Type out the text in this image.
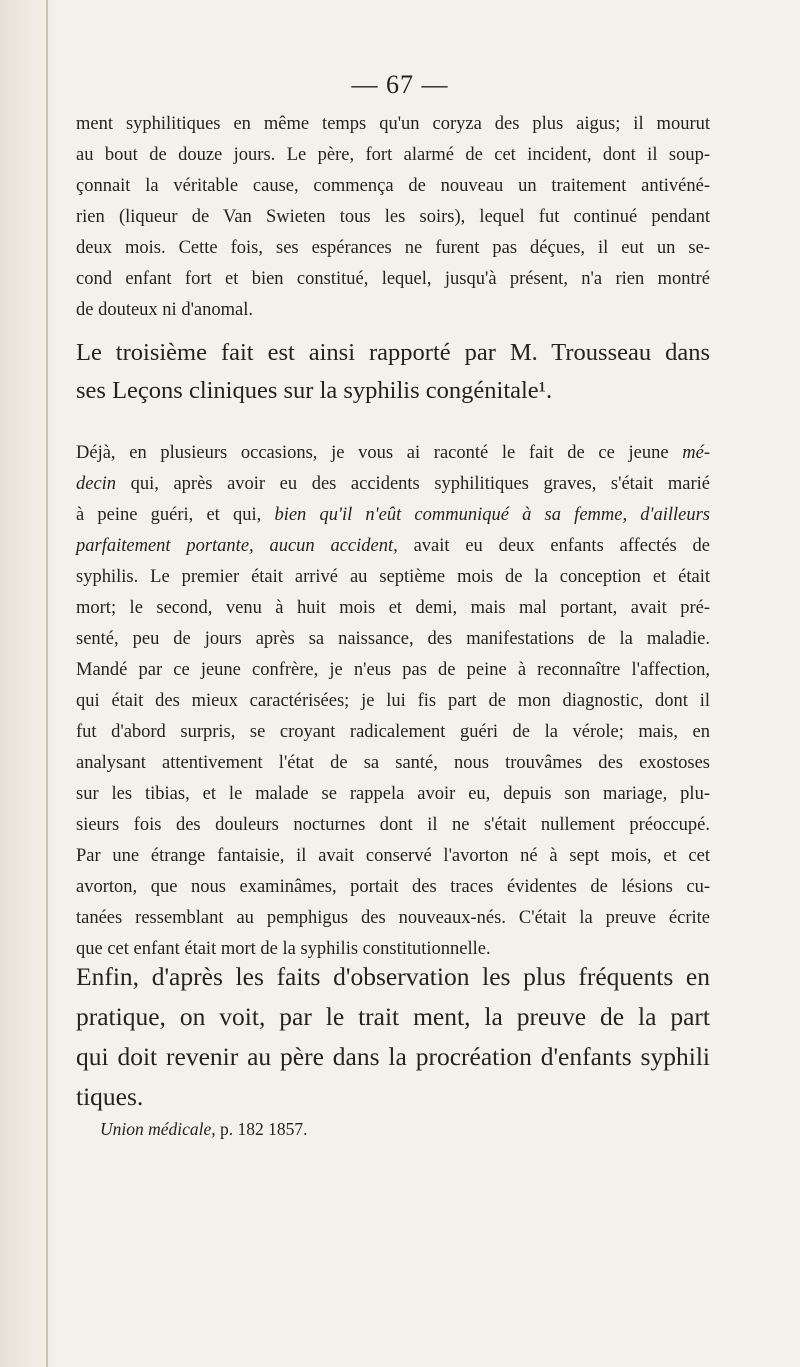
— 67 —
ment syphilitiques en même temps qu'un coryza des plus aigus; il mourut
au bout de douze jours. Le père, fort alarmé de cet incident, dont il soup-
çonnait la véritable cause, commença de nouveau un traitement antivéné-
rien (liqueur de Van Swieten tous les soirs), lequel fut continué pendant
deux mois. Cette fois, ses espérances ne furent pas déçues, il eut un se-
cond enfant fort et bien constitué, lequel, jusqu'à présent, n'a rien montré
de douteux ni d'anomal.
Le troisième fait est ainsi rapporté par M. Trousseau dans
ses Leçons cliniques sur la syphilis congénitale¹.
Déjà, en plusieurs occasions, je vous ai raconté le fait de ce jeune mé-
decin qui, après avoir eu des accidents syphilitiques graves, s'était marié
à peine guéri, et qui, bien qu'il n'eût communiqué à sa femme, d'ailleurs
parfaitement portante, aucun accident, avait eu deux enfants affectés de
syphilis. Le premier était arrivé au septième mois de la conception et était
mort; le second, venu à huit mois et demi, mais mal portant, avait pré-
senté, peu de jours après sa naissance, des manifestations de la maladie.
Mandé par ce jeune confrère, je n'eus pas de peine à reconnaître l'affection,
qui était des mieux caractérisées; je lui fis part de mon diagnostic, dont il
fut d'abord surpris, se croyant radicalement guéri de la vérole; mais, en
analysant attentivement l'état de sa santé, nous trouvâmes des exostoses
sur les tibias, et le malade se rappela avoir eu, depuis son mariage, plu-
sieurs fois des douleurs nocturnes dont il ne s'était nullement préoccupé.
Par une étrange fantaisie, il avait conservé l'avorton né à sept mois, et cet
avorton, que nous examinâmes, portait des traces évidentes de lésions cu-
tanées ressemblant au pemphigus des nouveaux-nés. C'était la preuve écrite
que cet enfant était mort de la syphilis constitutionnelle.
Enfin, d'après les faits d'observation les plus fréquents en
pratique, on voit, par le trait ment, la preuve de la part
qui doit revenir au père dans la procréation d'enfants syphili
tiques.
Union médicale, p. 182 1857.
